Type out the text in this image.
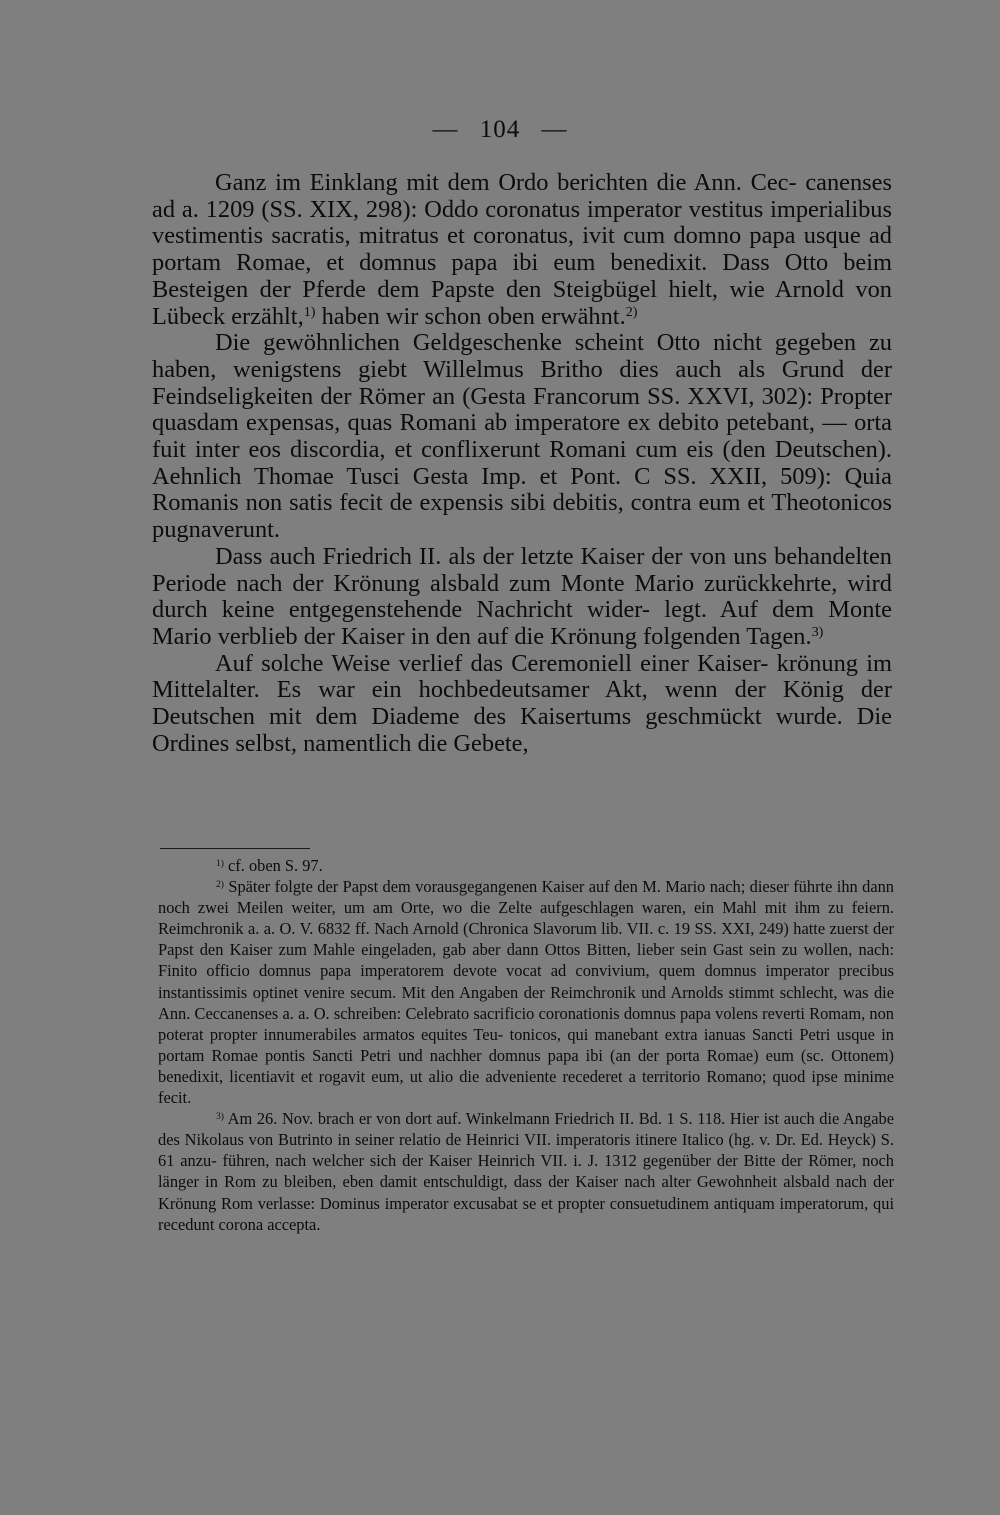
— 104 —

Ganz im Einklang mit dem Ordo berichten die Ann. Cec- canenses ad a. 1209 (SS. XIX, 298): Oddo coronatus imperator vestitus imperialibus vestimentis sacratis, mitratus et coronatus, ivit cum domno papa usque ad portam Romae, et domnus papa ibi eum benedixit. Dass Otto beim Besteigen der Pferde dem Papste den Steigbügel hielt, wie Arnold von Lübeck erzählt,$^{1)}$ haben wir schon oben erwähnt.$^{2)}$

Die gewöhnlichen Geldgeschenke scheint Otto nicht gegeben zu haben, wenigstens giebt Willelmus Britho dies auch als Grund der Feindseligkeiten der Römer an (Gesta Francorum SS. XXVI, 302): Propter quasdam expensas, quas Romani ab imperatore ex debito petebant, — orta fuit inter eos discordia, et conflixerunt Romani cum eis (den Deutschen). Aehnlich Thomae Tusci Gesta Imp. et Pont. C SS. XXII, 509): Quia Romanis non satis fecit de expensis sibi debitis, contra eum et Theotonicos pugnaverunt.

Dass auch Friedrich II. als der letzte Kaiser der von uns behandelten Periode nach der Krönung alsbald zum Monte Mario zurückkehrte, wird durch keine entgegenstehende Nachricht wider- legt. Auf dem Monte Mario verblieb der Kaiser in den auf die Krönung folgenden Tagen.$^{3)}$

Auf solche Weise verlief das Ceremoniell einer Kaiser- krönung im Mittelalter. Es war ein hochbedeutsamer Akt, wenn der König der Deutschen mit dem Diademe des Kaisertums geschmückt wurde. Die Ordines selbst, namentlich die Gebete,

$^{1)}$ cf. oben S. 97.

$^{2)}$ Später folgte der Papst dem vorausgegangenen Kaiser auf den M. Mario nach; dieser führte ihn dann noch zwei Meilen weiter, um am Orte, wo die Zelte aufgeschlagen waren, ein Mahl mit ihm zu feiern. Reimchronik a. a. O. V. 6832 ff. Nach Arnold (Chronica Slavorum lib. VII. c. 19 SS. XXI, 249) hatte zuerst der Papst den Kaiser zum Mahle eingeladen, gab aber dann Ottos Bitten, lieber sein Gast sein zu wollen, nach: Finito officio domnus papa imperatorem devote vocat ad convivium, quem domnus imperator precibus instantissimis optinet venire secum. Mit den Angaben der Reimchronik und Arnolds stimmt schlecht, was die Ann. Ceccanenses a. a. O. schreiben: Celebrato sacrificio coronationis domnus papa volens reverti Romam, non poterat propter innumerabiles armatos equites Teu- tonicos, qui manebant extra ianuas Sancti Petri usque in portam Romae pontis Sancti Petri und nachher domnus papa ibi (an der porta Romae) eum (sc. Ottonem) benedixit, licentiavit et rogavit eum, ut alio die adveniente recederet a territorio Romano; quod ipse minime fecit.

$^{3)}$ Am 26. Nov. brach er von dort auf. Winkelmann Friedrich II. Bd. 1 S. 118. Hier ist auch die Angabe des Nikolaus von Butrinto in seiner relatio de Heinrici VII. imperatoris itinere Italico (hg. v. Dr. Ed. Heyck) S. 61 anzu- führen, nach welcher sich der Kaiser Heinrich VII. i. J. 1312 gegenüber der Bitte der Römer, noch länger in Rom zu bleiben, eben damit entschuldigt, dass der Kaiser nach alter Gewohnheit alsbald nach der Krönung Rom verlasse: Dominus imperator excusabat se et propter consuetudinem antiquam imperatorum, qui recedunt corona accepta.
